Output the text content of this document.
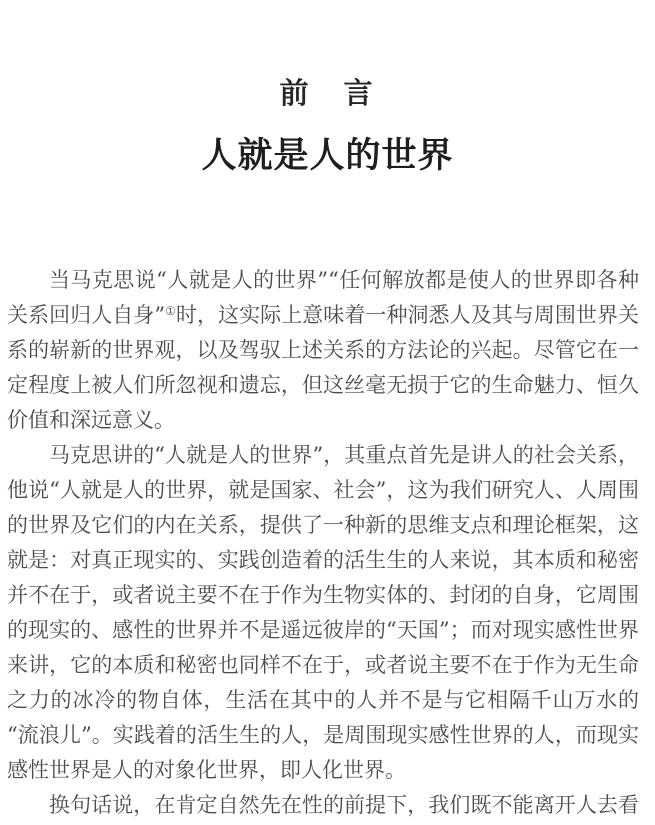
前　言
人就是人的世界
当马克思说“人就是人的世界”“任何解放都是使人的世界即各种
关系回归人自身”①时，这实际上意味着一种洞悉人及其与周围世界关
系的崭新的世界观，以及驾驭上述关系的方法论的兴起。尽管它在一
定程度上被人们所忽视和遗忘，但这丝毫无损于它的生命魅力、恒久
价值和深远意义。
马克思讲的“人就是人的世界”，其重点首先是讲人的社会关系，
他说“人就是人的世界，就是国家、社会”，这为我们研究人、人周围
的世界及它们的内在关系，提供了一种新的思维支点和理论框架，这
就是：对真正现实的、实践创造着的活生生的人来说，其本质和秘密
并不在于，或者说主要不在于作为生物实体的、封闭的自身，它周围
的现实的、感性的世界并不是遥远彼岸的“天国”；而对现实感性世界
来讲，它的本质和秘密也同样不在于，或者说主要不在于作为无生命
之力的冰冷的物自体，生活在其中的人并不是与它相隔千山万水的
“流浪儿”。实践着的活生生的人，是周围现实感性世界的人，而现实
感性世界是人的对象化世界，即人化世界。
换句话说，在肯定自然先在性的前提下，我们既不能离开人去看
